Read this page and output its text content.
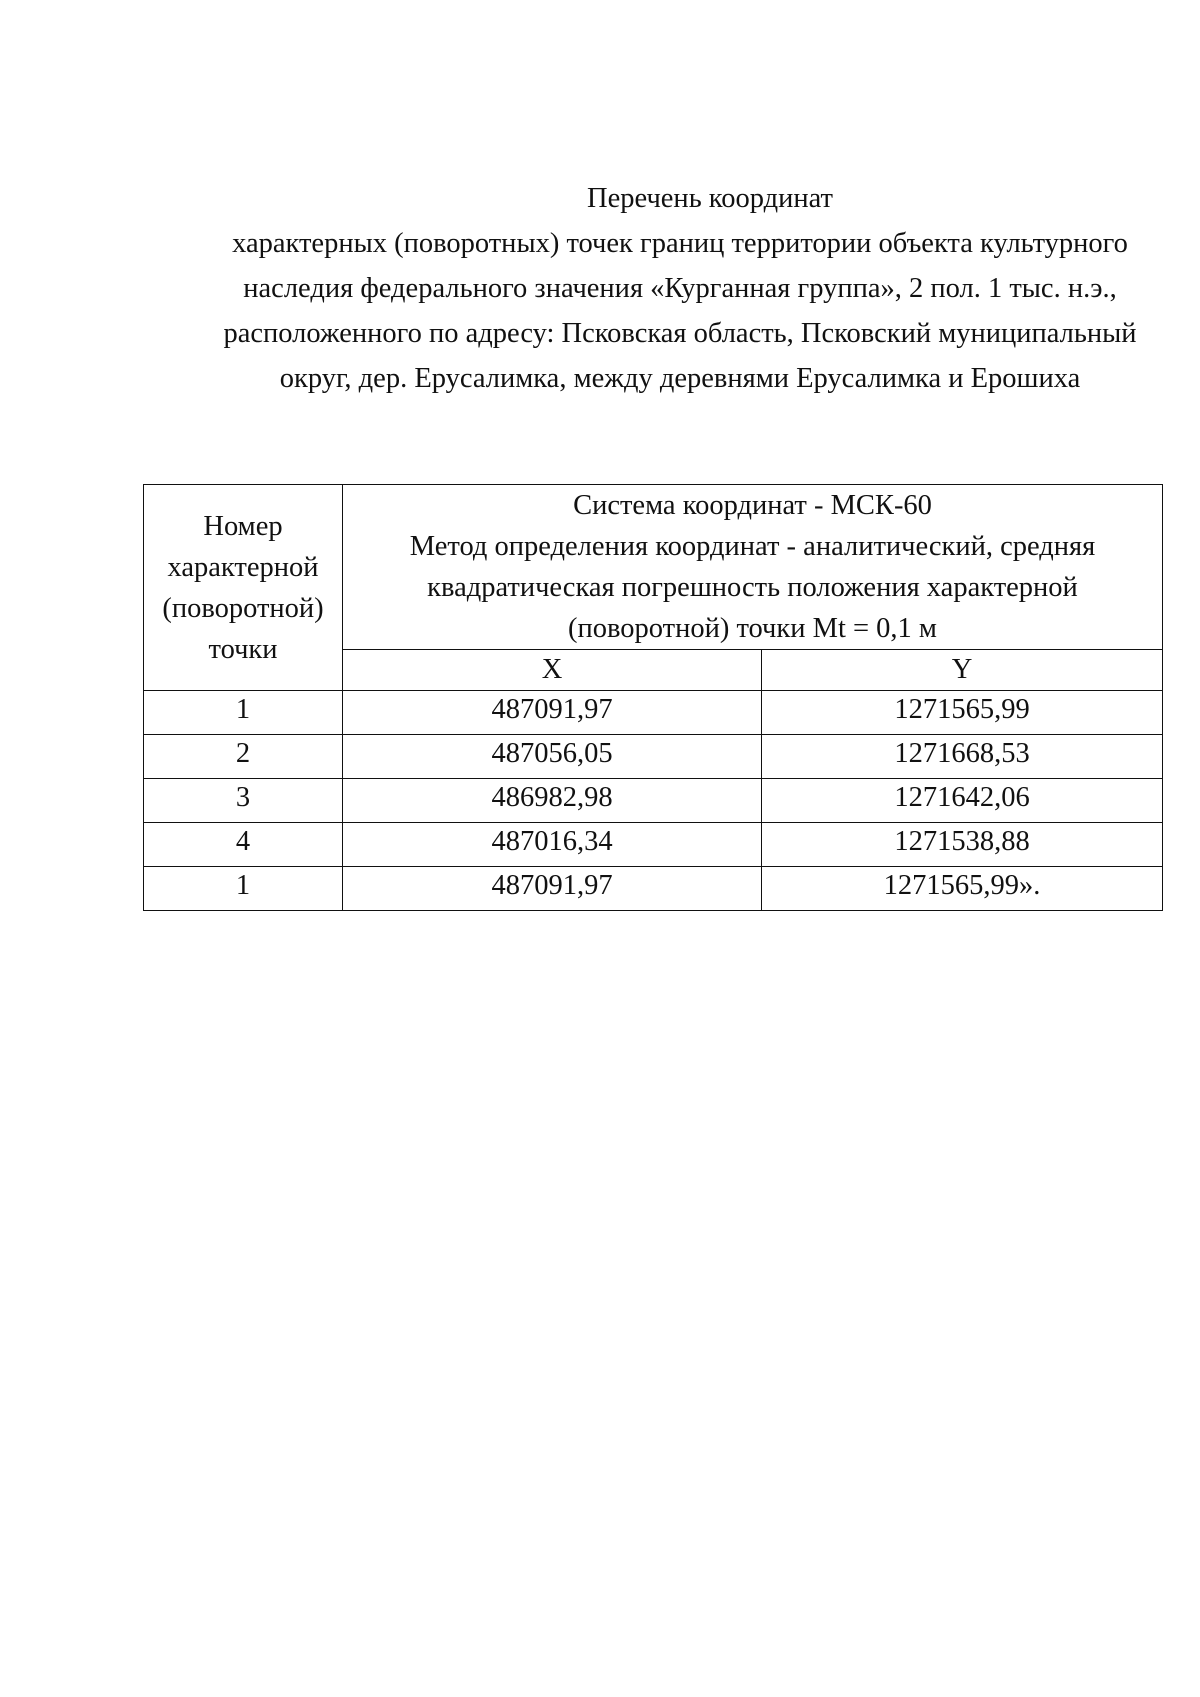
Перечень координат
характерных (поворотных) точек границ территории объекта культурного
наследия федерального значения «Курганная группа», 2 пол. 1 тыс. н.э.,
расположенного по адресу: Псковская область, Псковский муниципальный
округ, дер. Ерусалимка, между деревнями Ерусалимка и Ерошиха
Номер
характерной
(поворотной)
точки	Система координат - МСК-60
Метод определения координат - аналитический, средняя
квадратическая погрешность положения характерной
(поворотной) точки Mt = 0,1 м	

	X	Y
1	487091,97	1271565,99
2	487056,05	1271668,53
3	486982,98	1271642,06
4	487016,34	1271538,88
1	487091,97	1271565,99».
